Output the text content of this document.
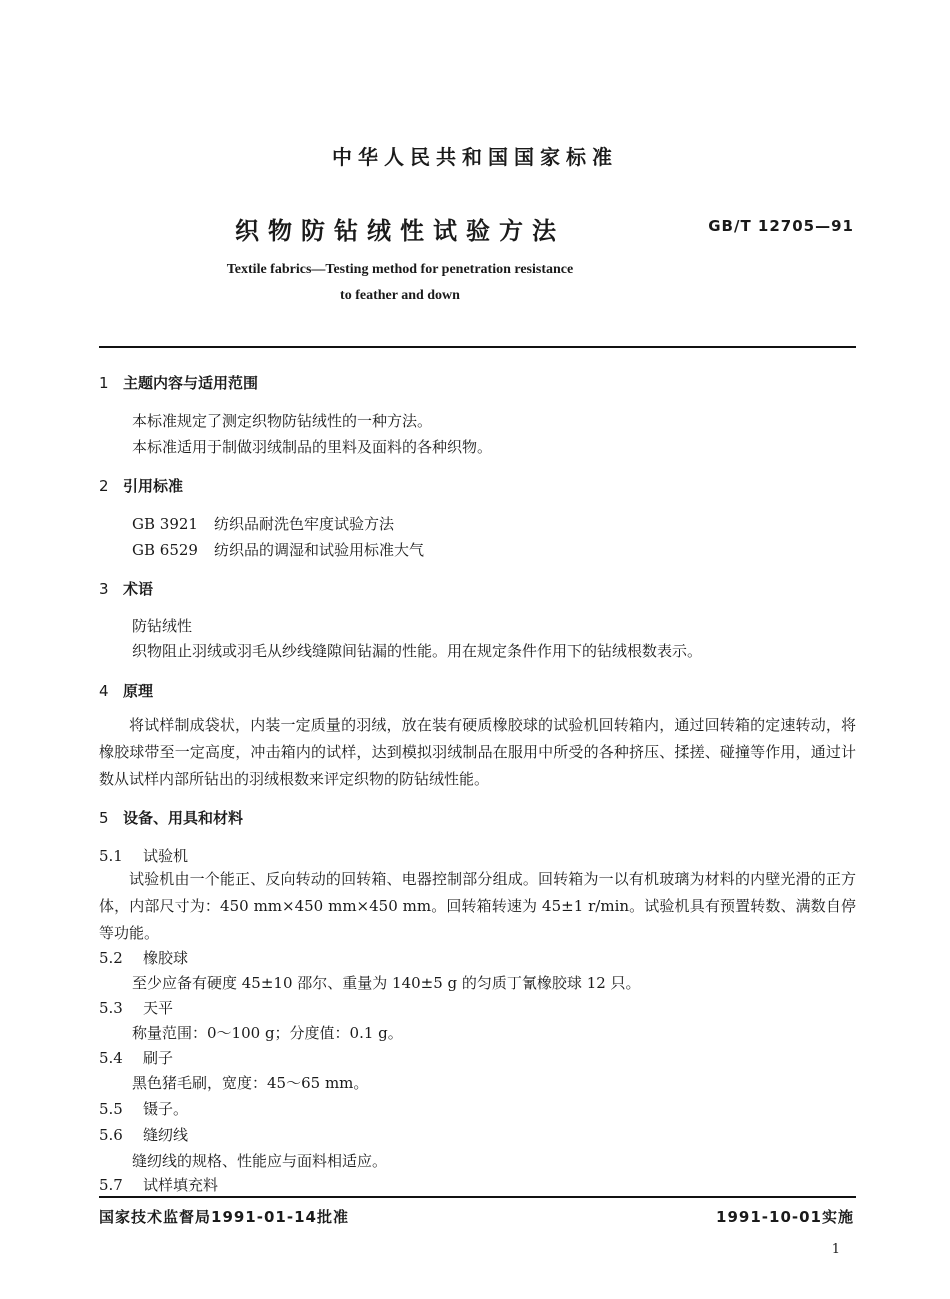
中华人民共和国国家标准
织物防钻绒性试验方法	GB/T 12705—91
Textile fabrics—Testing method for penetration resistance
to feather and down
1 主题内容与适用范围
本标准规定了测定织物防钻绒性的一种方法。
本标准适用于制做羽绒制品的里料及面料的各种织物。
2 引用标准
GB 3921 纺织品耐洗色牢度试验方法
GB 6529 纺织品的调湿和试验用标准大气
3 术语
防钻绒性
织物阻止羽绒或羽毛从纱线缝隙间钻漏的性能。用在规定条件作用下的钻绒根数表示。
4 原理
将试样制成袋状，内装一定质量的羽绒，放在装有硬质橡胶球的试验机回转箱内，通过回转箱的定速转动，将橡胶球带至一定高度，冲击箱内的试样，达到模拟羽绒制品在服用中所受的各种挤压、揉搓、碰撞等作用，通过计数从试样内部所钻出的羽绒根数来评定织物的防钻绒性能。
5 设备、用具和材料
5.1 试验机
试验机由一个能正、反向转动的回转箱、电器控制部分组成。回转箱为一以有机玻璃为材料的内壁光滑的正方体，内部尺寸为：450 mm×450 mm×450 mm。回转箱转速为 45±1 r/min。试验机具有预置转数、满数自停等功能。
5.2 橡胶球
至少应备有硬度 45±10 邵尔、重量为 140±5 g 的匀质丁氰橡胶球 12 只。
5.3 天平
称量范围：0～100 g；分度值：0.1 g。
5.4 刷子
黑色猪毛刷，宽度：45～65 mm。
5.5 镊子。
5.6 缝纫线
缝纫线的规格、性能应与面料相适应。
5.7 试样填充料
国家技术监督局1991-01-14批准	1991-10-01实施
1
